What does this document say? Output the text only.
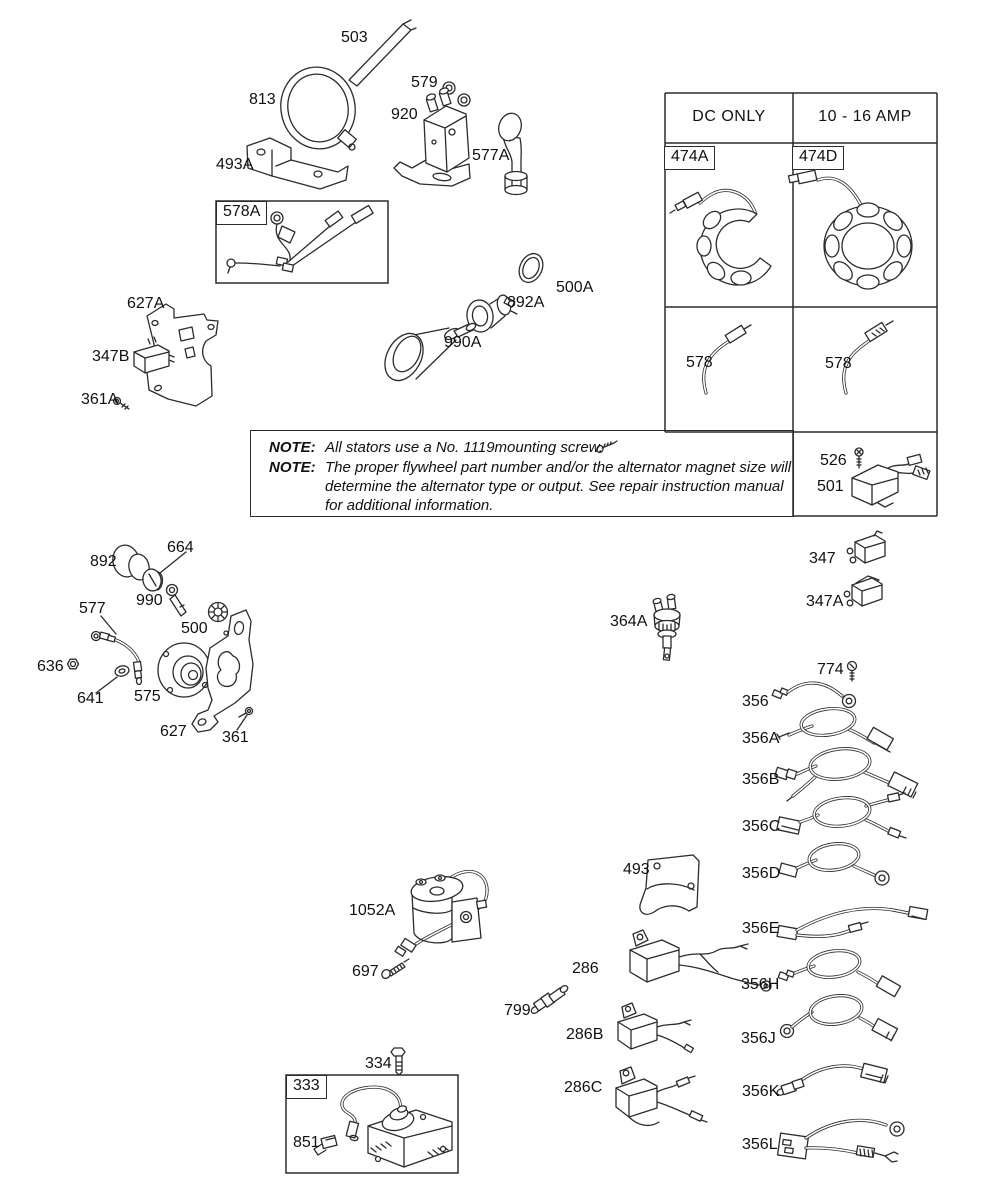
DC ONLY	10 - 16 AMP
578A
474A	474D
333
503
813
493A
579
920
577A
627A
347B
361A
500A
892A
990A
578	578
526
501
892
664
990
577
500
636
641 575
627 361
364A
347
347A
774
356
356A
356B
356C
356D
356E
356H
356J
356K
356L
1052A
697
799
493
286
286B
286C
334
851
NOTE: All stators use a No. 1119mounting screw.
NOTE: The proper flywheel part number and/or the alternator magnet size will determine the alternator type or output. See repair instruction manual for additional information.
